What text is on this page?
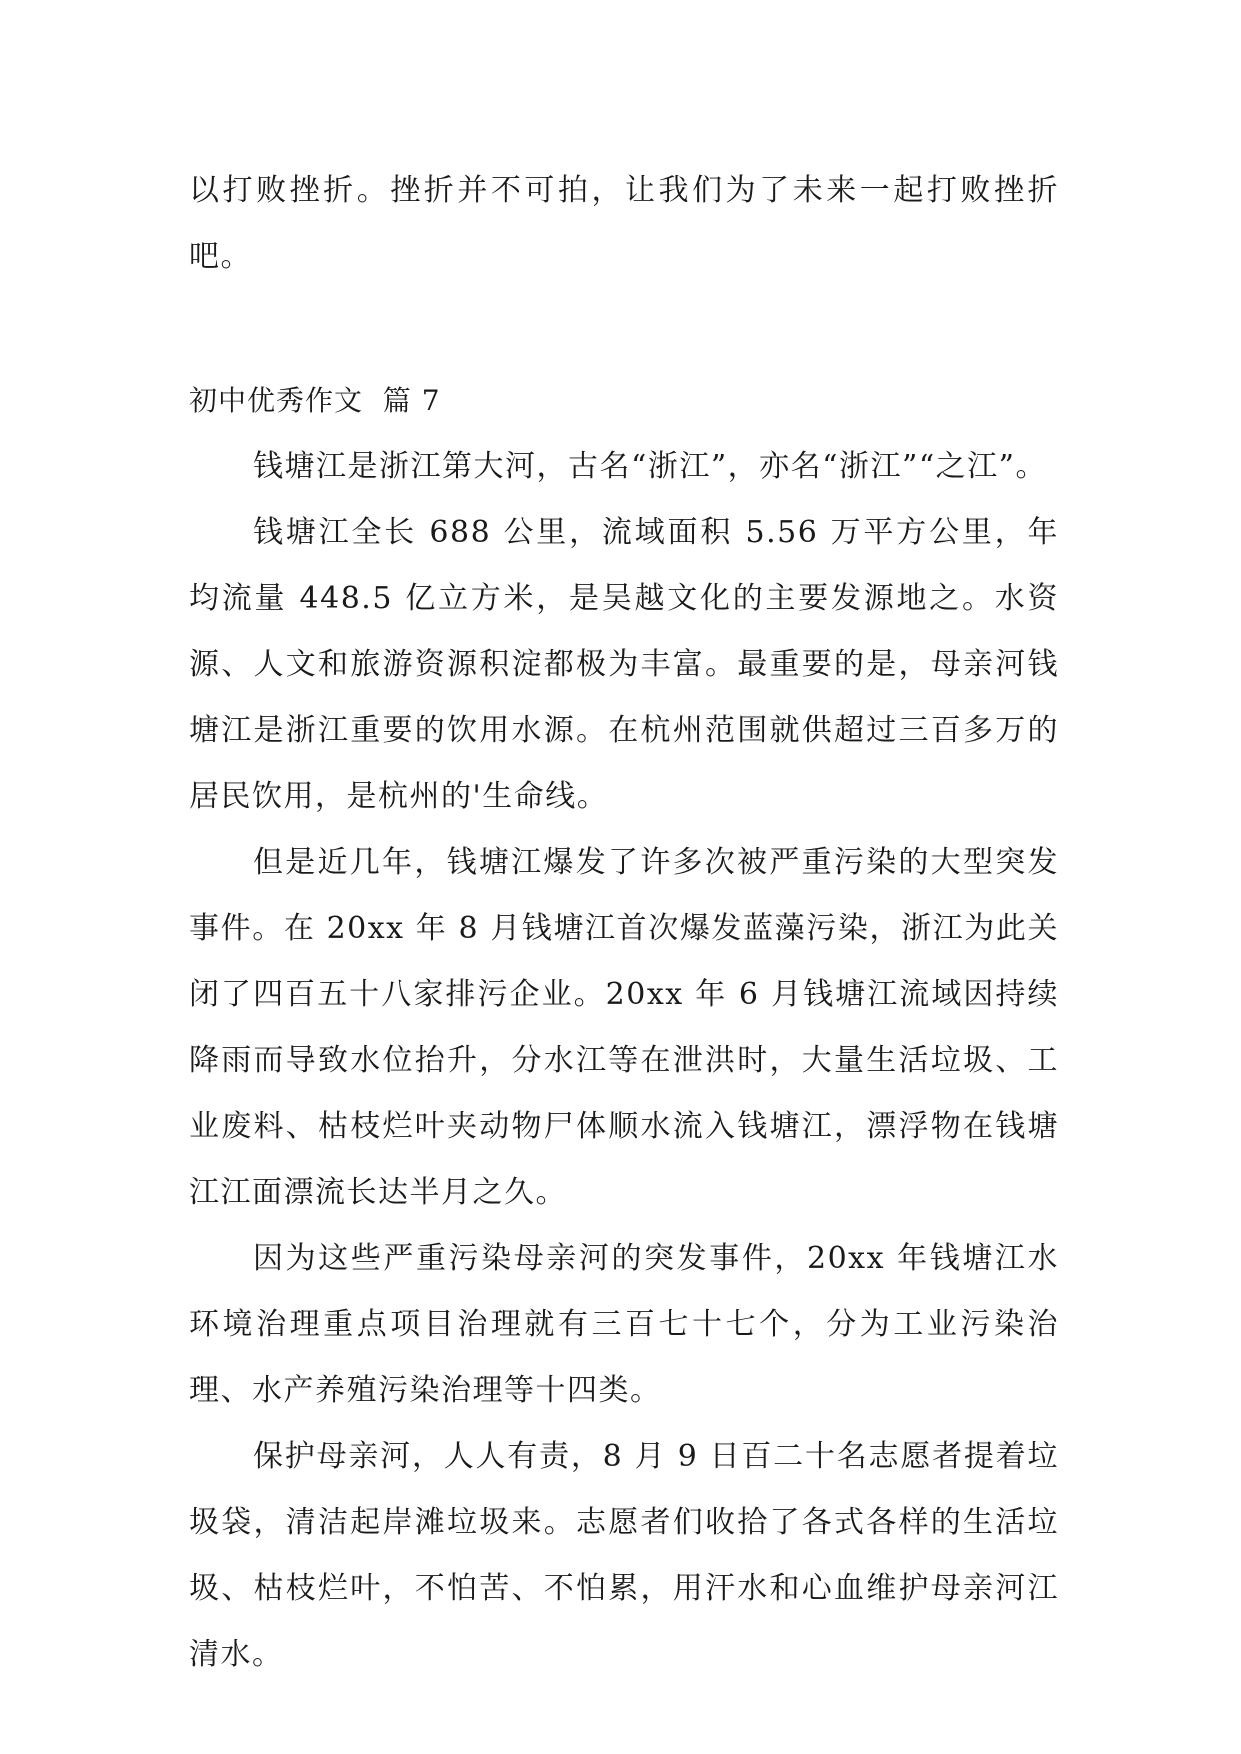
以打败挫折。挫折并不可拍，让我们为了未来一起打败挫折吧。

初中优秀作文  篇 7

钱塘江是浙江第大河，古名“浙江”，亦名“浙江”“之江”。

钱塘江全长 688 公里，流域面积 5.56 万平方公里，年均流量 448.5 亿立方米，是吴越文化的主要发源地之。水资源、人文和旅游资源积淀都极为丰富。最重要的是，母亲河钱塘江是浙江重要的饮用水源。在杭州范围就供超过三百多万的居民饮用，是杭州的'生命线。

但是近几年，钱塘江爆发了许多次被严重污染的大型突发事件。在 20xx 年 8 月钱塘江首次爆发蓝藻污染，浙江为此关闭了四百五十八家排污企业。20xx 年 6 月钱塘江流域因持续降雨而导致水位抬升，分水江等在泄洪时，大量生活垃圾、工业废料、枯枝烂叶夹动物尸体顺水流入钱塘江，漂浮物在钱塘江江面漂流长达半月之久。

因为这些严重污染母亲河的突发事件，20xx 年钱塘江水环境治理重点项目治理就有三百七十七个，分为工业污染治理、水产养殖污染治理等十四类。

保护母亲河，人人有责，8 月 9 日百二十名志愿者提着垃圾袋，清洁起岸滩垃圾来。志愿者们收拾了各式各样的生活垃圾、枯枝烂叶，不怕苦、不怕累，用汗水和心血维护母亲河江清水。
